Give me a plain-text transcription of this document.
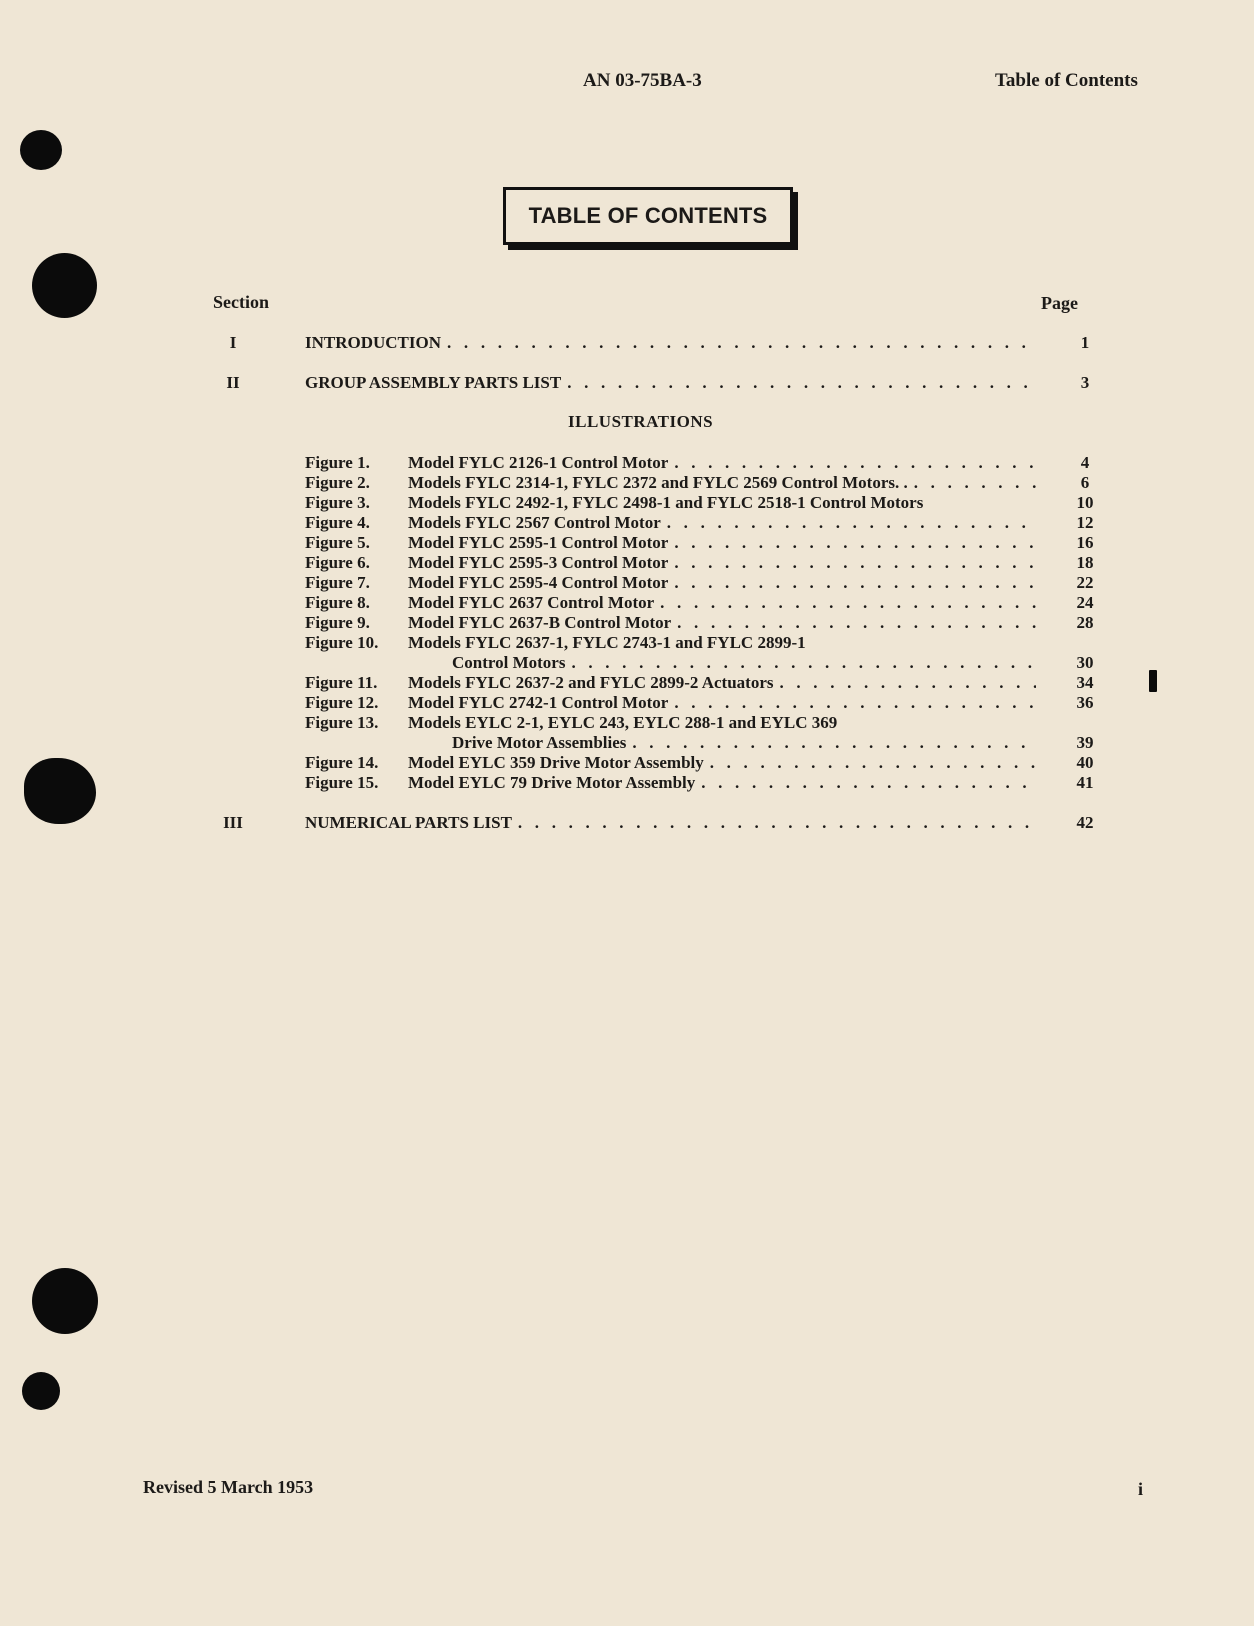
AN 03-75BA-3	Table of Contents
TABLE OF CONTENTS
Section	Page
I	INTRODUCTION . . .	1
II	GROUP ASSEMBLY PARTS LIST . . .	3
Figure 1. Model FYLC 2126-1 Control Motor . . .	4
Figure 2. Models FYLC 2314-1, FYLC 2372 and FYLC 2569 Control Motors. . . . .	6
Figure 3. Models FYLC 2492-1, FYLC 2498-1 and FYLC 2518-1 Control Motors	10
Figure 4. Models FYLC 2567 Control Motor . . .	12
Figure 5. Model FYLC 2595-1 Control Motor . . .	16
Figure 6. Model FYLC 2595-3 Control Motor . . .	18
Figure 7. Model FYLC 2595-4 Control Motor . . .	22
Figure 8. Model FYLC 2637 Control Motor . . .	24
Figure 9. Model FYLC 2637-B Control Motor . . .	28
Figure 10. Models FYLC 2637-1, FYLC 2743-1 and FYLC 2899-1
Control Motors . . .	30
Figure 11. Models FYLC 2637-2 and FYLC 2899-2 Actuators . . .	34
Figure 12. Model FYLC 2742-1 Control Motor . . .	36
Figure 13. Models EYLC 2-1, EYLC 243, EYLC 288-1 and EYLC 369
Drive Motor Assemblies . . .	39
Figure 14. Model EYLC 359 Drive Motor Assembly . . .	40
Figure 15. Model EYLC 79 Drive Motor Assembly . . .	41
III	NUMERICAL PARTS LIST . . .	42
ILLUSTRATIONS
Revised 5 March 1953	i
